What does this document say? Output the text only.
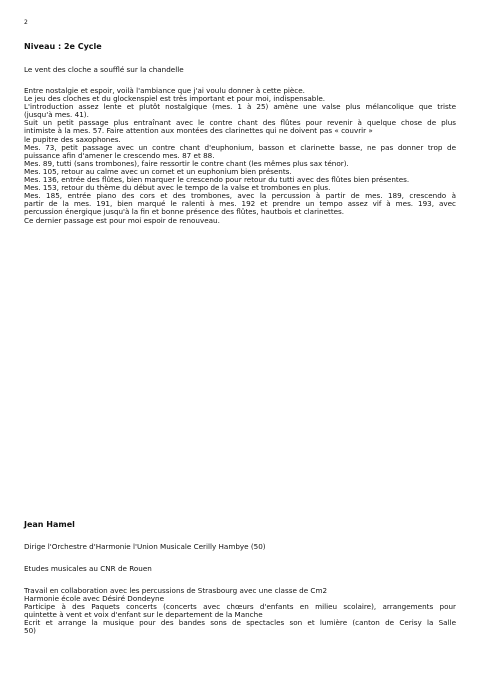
2
Niveau : 2e Cycle
Le vent des cloche a soufflé sur la chandelle
Entre nostalgie et espoir, voilà l'ambiance que j'ai voulu donner à cette pièce.
Le jeu des cloches et du glockenspiel est très important et pour moi, indispensable.
L'introduction assez lente et plutôt nostalgique (mes. 1 à 25) amène une valse plus mélancolique que triste
(jusqu'à mes. 41).
Suit un petit passage plus entraînant avec le contre chant des flûtes pour revenir à quelque chose de plus
intimiste à la mes. 57. Faire attention aux montées des clarinettes qui ne doivent pas « couvrir »
le pupitre des saxophones.
Mes. 73, petit passage avec un contre chant d'euphonium, basson et clarinette basse, ne pas donner trop de
puissance afin d'amener le crescendo mes. 87 et 88.
Mes. 89, tutti (sans trombones), faire ressortir le contre chant (les mêmes plus sax ténor).
Mes. 105, retour au calme avec un cornet et un euphonium bien présents.
Mes. 136, entrée des flûtes, bien marquer le crescendo pour retour du tutti avec des flûtes bien présentes.
Mes. 153, retour du thème du début avec le tempo de la valse et trombones en plus.
Mes. 185, entrée piano des cors et des trombones, avec la percussion à partir de mes. 189, crescendo à
partir de la mes. 191, bien marqué le ralenti à mes. 192 et prendre un tempo assez vif à mes. 193, avec
percussion énergique jusqu'à la fin et bonne présence des flûtes, hautbois et clarinettes.
Ce dernier passage est pour moi espoir de renouveau.
Jean Hamel
Dirige l'Orchestre d'Harmonie l'Union Musicale Cerilly Hambye (50)
Etudes musicales au CNR de Rouen
Travail en collaboration avec les percussions de Strasbourg avec une classe de Cm2
Harmonie école avec Désiré Dondeyne
Participe à des Paquets concerts (concerts avec chœurs d'enfants en milieu scolaire), arrangements pour
quintette à vent et voix d'enfant sur le departement de la Manche
Ecrit et arrange la musique pour des bandes sons de spectacles son et lumière (canton de Cerisy la Salle
50)
